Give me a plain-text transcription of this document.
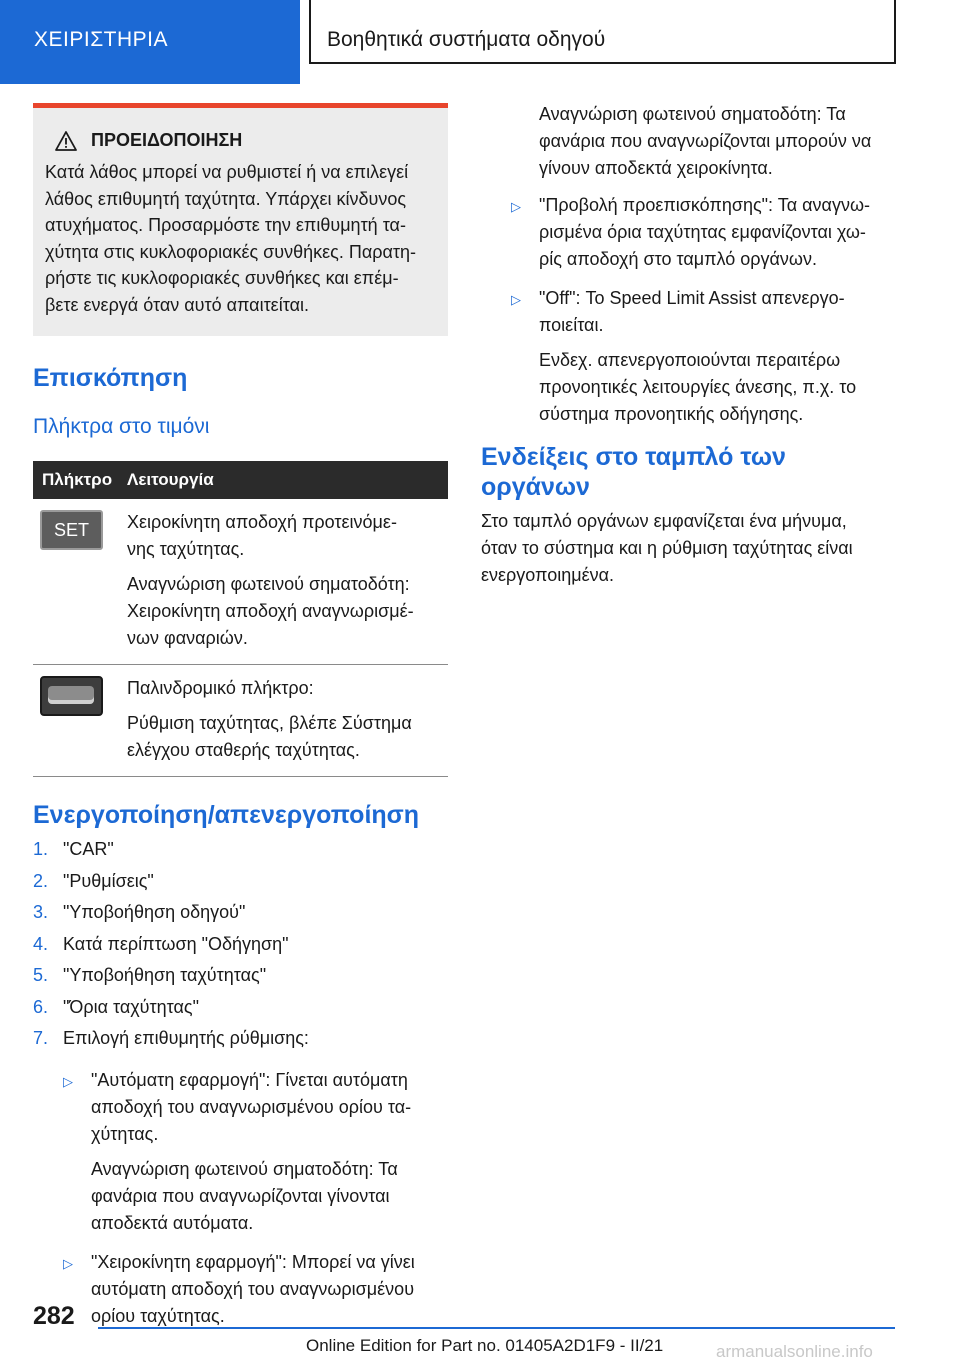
ΧΕΙΡΙΣΤΗΡΙΑ	Βοηθητικά συστήματα οδηγού
ΠΡΟΕΙΔΟΠΟΙΗΣΗ
Κατά λάθος μπορεί να ρυθμιστεί ή να επιλεγεί
λάθος επιθυμητή ταχύτητα. Υπάρχει κίνδυνος
ατυχήματος. Προσαρμόστε την επιθυμητή τα-
χύτητα στις κυκλοφοριακές συνθήκες. Παρατη-
ρήστε τις κυκλοφοριακές συνθήκες και επέμ-
βετε ενεργά όταν αυτό απαιτείται.
Επισκόπηση
Πλήκτρα στο τιμόνι
Πλήκτρο Λειτουργία
SET Χειροκίνητη αποδοχή προτεινόμε-
νης ταχύτητας.

Αναγνώριση φωτεινού σηματοδότη:
Χειροκίνητη αποδοχή αναγνωρισμέ-
νων φαναριών.

Παλινδρομικό πλήκτρο:

Ρύθμιση ταχύτητας, βλέπε Σύστημα
ελέγχου σταθερής ταχύτητας.

Ενεργοποίηση/απενεργοποίηση
1. "CAR"
2. "Ρυθμίσεις"
3. "Υποβοήθηση οδηγού"
4. Κατά περίπτωση "Οδήγηση"
5. "Υποβοήθηση ταχύτητας"
6. "Όρια ταχύτητας"
7. Επιλογή επιθυμητής ρύθμισης:
▷	"Αυτόματη εφαρμογή": Γίνεται αυτόματη
αποδοχή του αναγνωρισμένου ορίου τα-
χύτητας.

Αναγνώριση φωτεινού σηματοδότη: Τα
φανάρια που αναγνωρίζονται γίνονται
αποδεκτά αυτόματα.

▷	"Χειροκίνητη εφαρμογή": Μπορεί να γίνει
αυτόματη αποδοχή του αναγνωρισμένου
ορίου ταχύτητας.

Αναγνώριση φωτεινού σηματοδότη: Τα
φανάρια που αναγνωρίζονται μπορούν να
γίνουν αποδεκτά χειροκίνητα.

▷	"Προβολή προεπισκόπησης": Τα αναγνω-
ρισμένα όρια ταχύτητας εμφανίζονται χω-
ρίς αποδοχή στο ταμπλό οργάνων.

▷	"Off": Το Speed Limit Assist απενεργο-
ποιείται.

Ενδεχ. απενεργοποιούνται περαιτέρω
προνοητικές λειτουργίες άνεσης, π.χ. το
σύστημα προνοητικής οδήγησης.

Ενδείξεις στο ταμπλό των
οργάνων

Στο ταμπλό οργάνων εμφανίζεται ένα μήνυμα,
όταν το σύστημα και η ρύθμιση ταχύτητας είναι
ενεργοποιημένα.

282
Online Edition for Part no. 01405A2D1F9 - II/21	armanualsonline.info
